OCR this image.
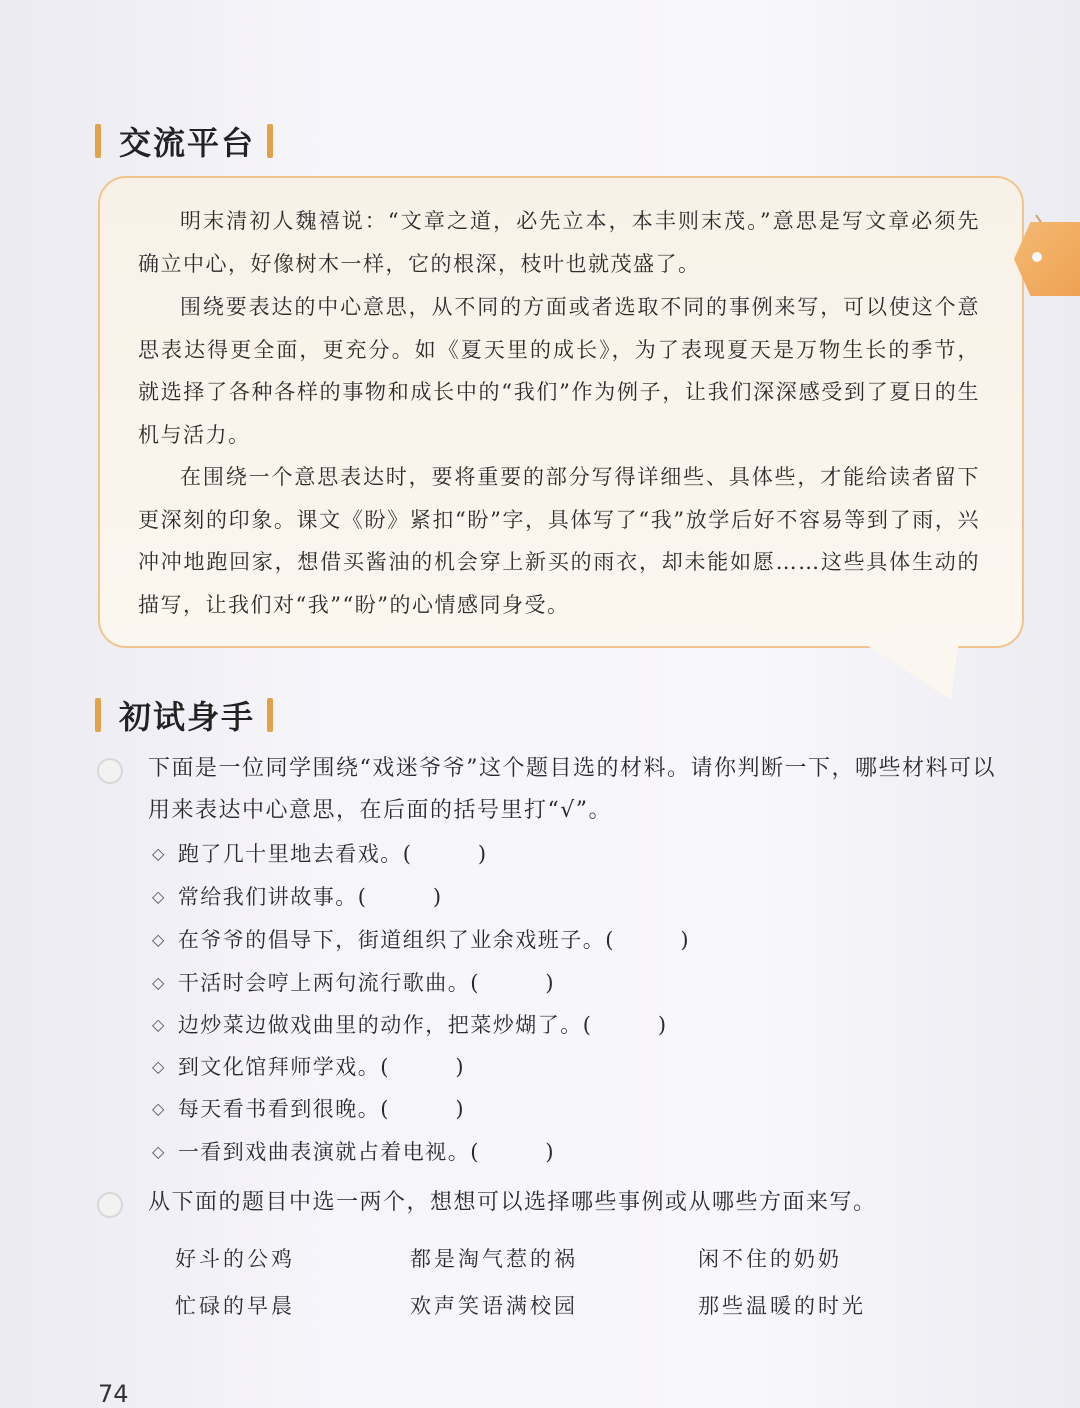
交流平台

明末清初人魏禧说：“文章之道，必先立本，本丰则末茂。”意思是写文章必须先确立中心，好像树木一样，它的根深，枝叶也就茂盛了。

围绕要表达的中心意思，从不同的方面或者选取不同的事例来写，可以使这个意思表达得更全面，更充分。如《夏天里的成长》，为了表现夏天是万物生长的季节，就选择了各种各样的事物和成长中的“我们”作为例子，让我们深深感受到了夏日的生机与活力。

在围绕一个意思表达时，要将重要的部分写得详细些、具体些，才能给读者留下更深刻的印象。课文《盼》紧扣“盼”字，具体写了“我”放学后好不容易等到了雨，兴冲冲地跑回家，想借买酱油的机会穿上新买的雨衣，却未能如愿……这些具体生动的描写，让我们对“我”“盼”的心情感同身受。

初试身手

下面是一位同学围绕“戏迷爷爷”这个题目选的材料。请你判断一下，哪些材料可以用来表达中心意思，在后面的括号里打“√”。

◇ 跑了几十里地去看戏。(        )
◇ 常给我们讲故事。(        )
◇ 在爷爷的倡导下，街道组织了业余戏班子。(        )
◇ 干活时会哼上两句流行歌曲。(        )
◇ 边炒菜边做戏曲里的动作，把菜炒煳了。(        )
◇ 到文化馆拜师学戏。(        )
◇ 每天看书看到很晚。(        )
◇ 一看到戏曲表演就占着电视。(        )

从下面的题目中选一两个，想想可以选择哪些事例或从哪些方面来写。

好斗的公鸡	都是淘气惹的祸	闲不住的奶奶
忙碌的早晨	欢声笑语满校园	那些温暖的时光
74
